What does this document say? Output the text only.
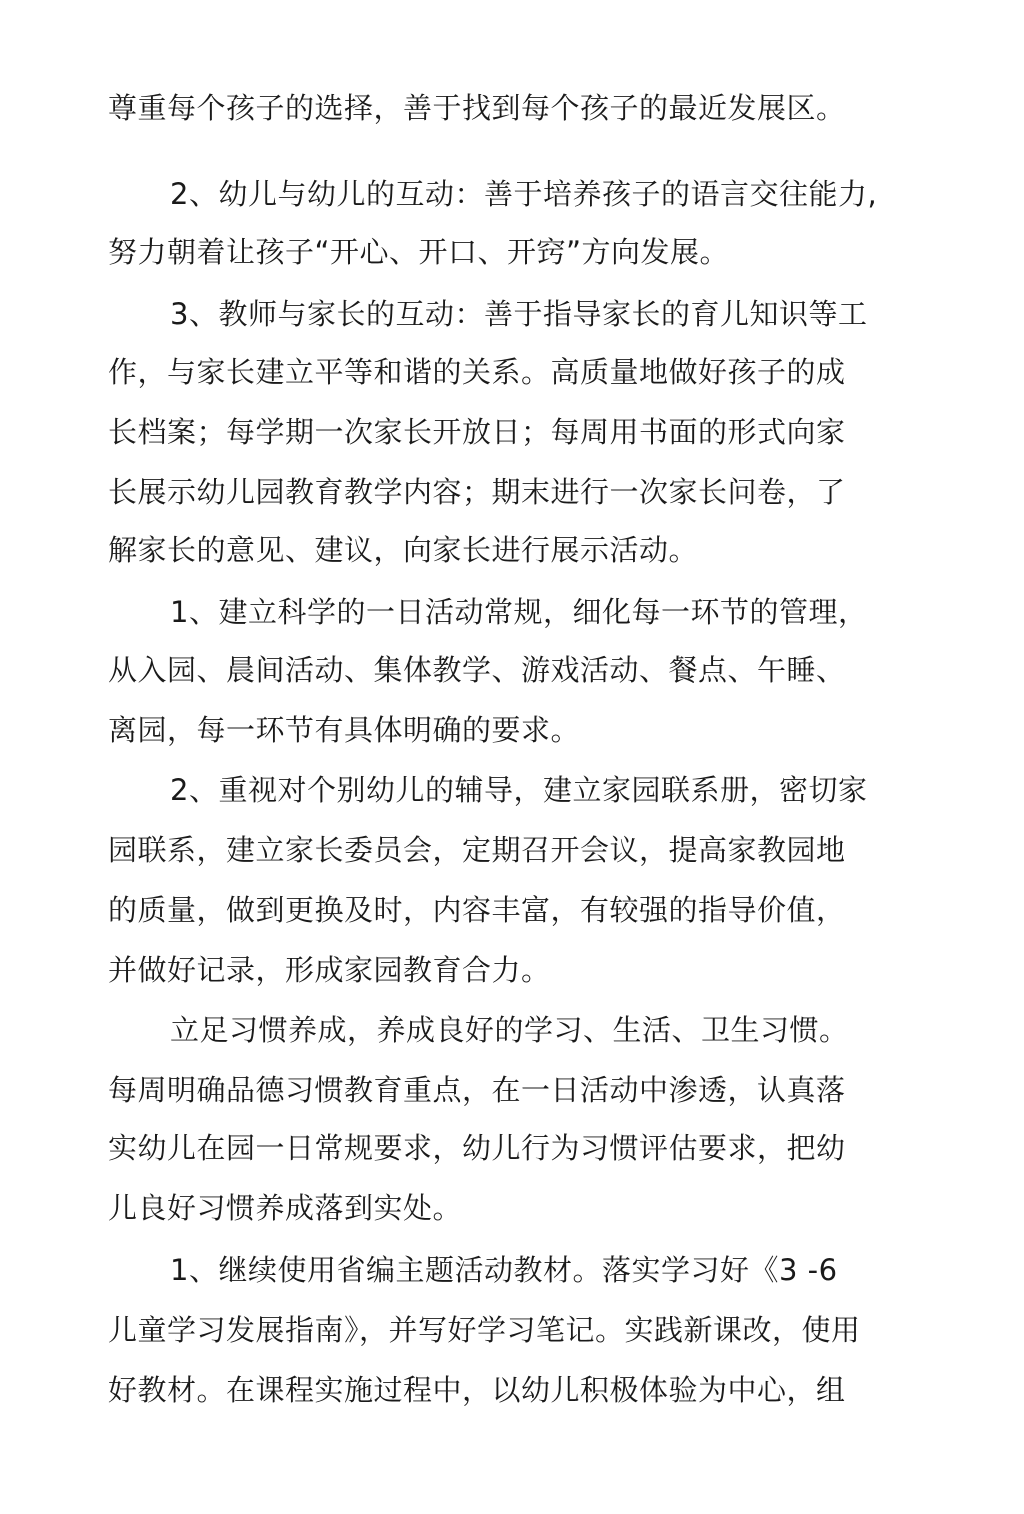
尊重每个孩子的选择，善于找到每个孩子的最近发展区。
2、幼儿与幼儿的互动：善于培养孩子的语言交往能力,
努力朝着让孩子“开心、开口、开窍”方向发展。
3、教师与家长的互动：善于指导家长的育儿知识等工
作，与家长建立平等和谐的关系。高质量地做好孩子的成
长档案；每学期一次家长开放日；每周用书面的形式向家
长展示幼儿园教育教学内容；期末进行一次家长问卷，了
解家长的意见、建议，向家长进行展示活动。
1、建立科学的一日活动常规，细化每一环节的管理，
从入园、晨间活动、集体教学、游戏活动、餐点、午睡、
离园，每一环节有具体明确的要求。
2、重视对个别幼儿的辅导，建立家园联系册，密切家
园联系，建立家长委员会，定期召开会议，提高家教园地
的质量，做到更换及时，内容丰富，有较强的指导价值，
并做好记录，形成家园教育合力。
立足习惯养成，养成良好的学习、生活、卫生习惯。
每周明确品德习惯教育重点，在一日活动中渗透，认真落
实幼儿在园一日常规要求，幼儿行为习惯评估要求，把幼
儿良好习惯养成落到实处。
1、继续使用省编主题活动教材。落实学习好《3 -6
儿童学习发展指南》，并写好学习笔记。实践新课改，使用
好教材。在课程实施过程中，以幼儿积极体验为中心，组
